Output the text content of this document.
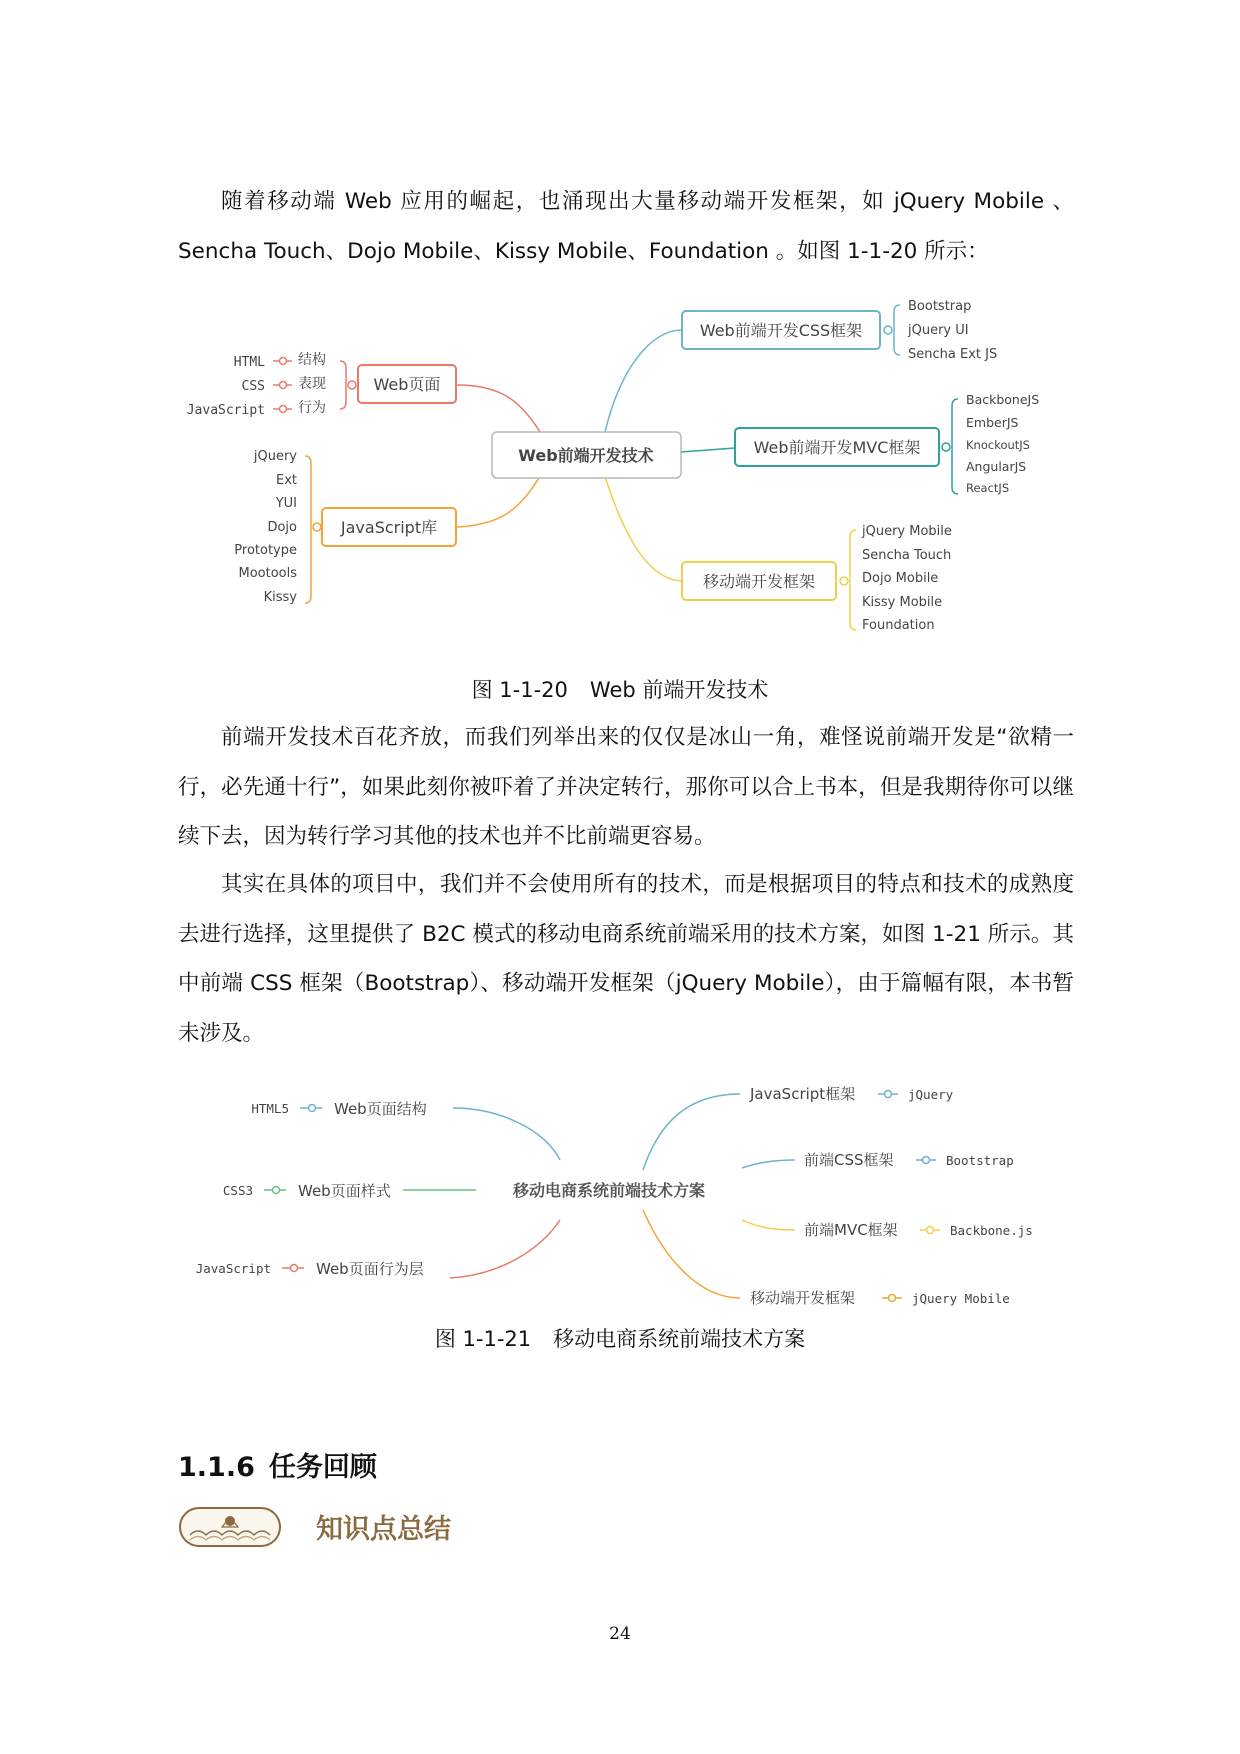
随着移动端 Web 应用的崛起，也涌现出大量移动端开发框架，如 jQuery Mobile 、Sencha Touch、Dojo Mobile、Kissy Mobile、Foundation 。如图 1-1-20 所示：

Web前端开发技术
Web页面
HTML 结构
CSS 表现
JavaScript 行为
JavaScript库
jQuery
Ext
YUI
Dojo
Prototype
Mootools
Kissy
Web前端开发CSS框架
Bootstrap
jQuery UI
Sencha Ext JS
Web前端开发MVC框架
BackboneJS
EmberJS
KnockoutJS
AngularJS
ReactJS
移动端开发框架
jQuery Mobile
Sencha Touch
Dojo Mobile
Kissy Mobile
Foundation
图 1-1-20 Web 前端开发技术

前端开发技术百花齐放，而我们列举出来的仅仅是冰山一角，难怪说前端开发是“欲精一行，必先通十行”，如果此刻你被吓着了并决定转行，那你可以合上书本，但是我期待你可以继续下去，因为转行学习其他的技术也并不比前端更容易。

其实在具体的项目中，我们并不会使用所有的技术，而是根据项目的特点和技术的成熟度去进行选择，这里提供了 B2C 模式的移动电商系统前端采用的技术方案，如图 1-21 所示。其中前端 CSS 框架（Bootstrap）、移动端开发框架（jQuery Mobile），由于篇幅有限，本书暂未涉及。

移动电商系统前端技术方案
HTML5	Web页面结构
CSS3	Web页面样式
JavaScript	Web页面行为层
JavaScript框架	jQuery
前端CSS框架	Bootstrap
前端MVC框架	Backbone.js
移动端开发框架	jQuery Mobile
图 1-1-21 移动电商系统前端技术方案
1.1.6 任务回顾
知识点总结
24
